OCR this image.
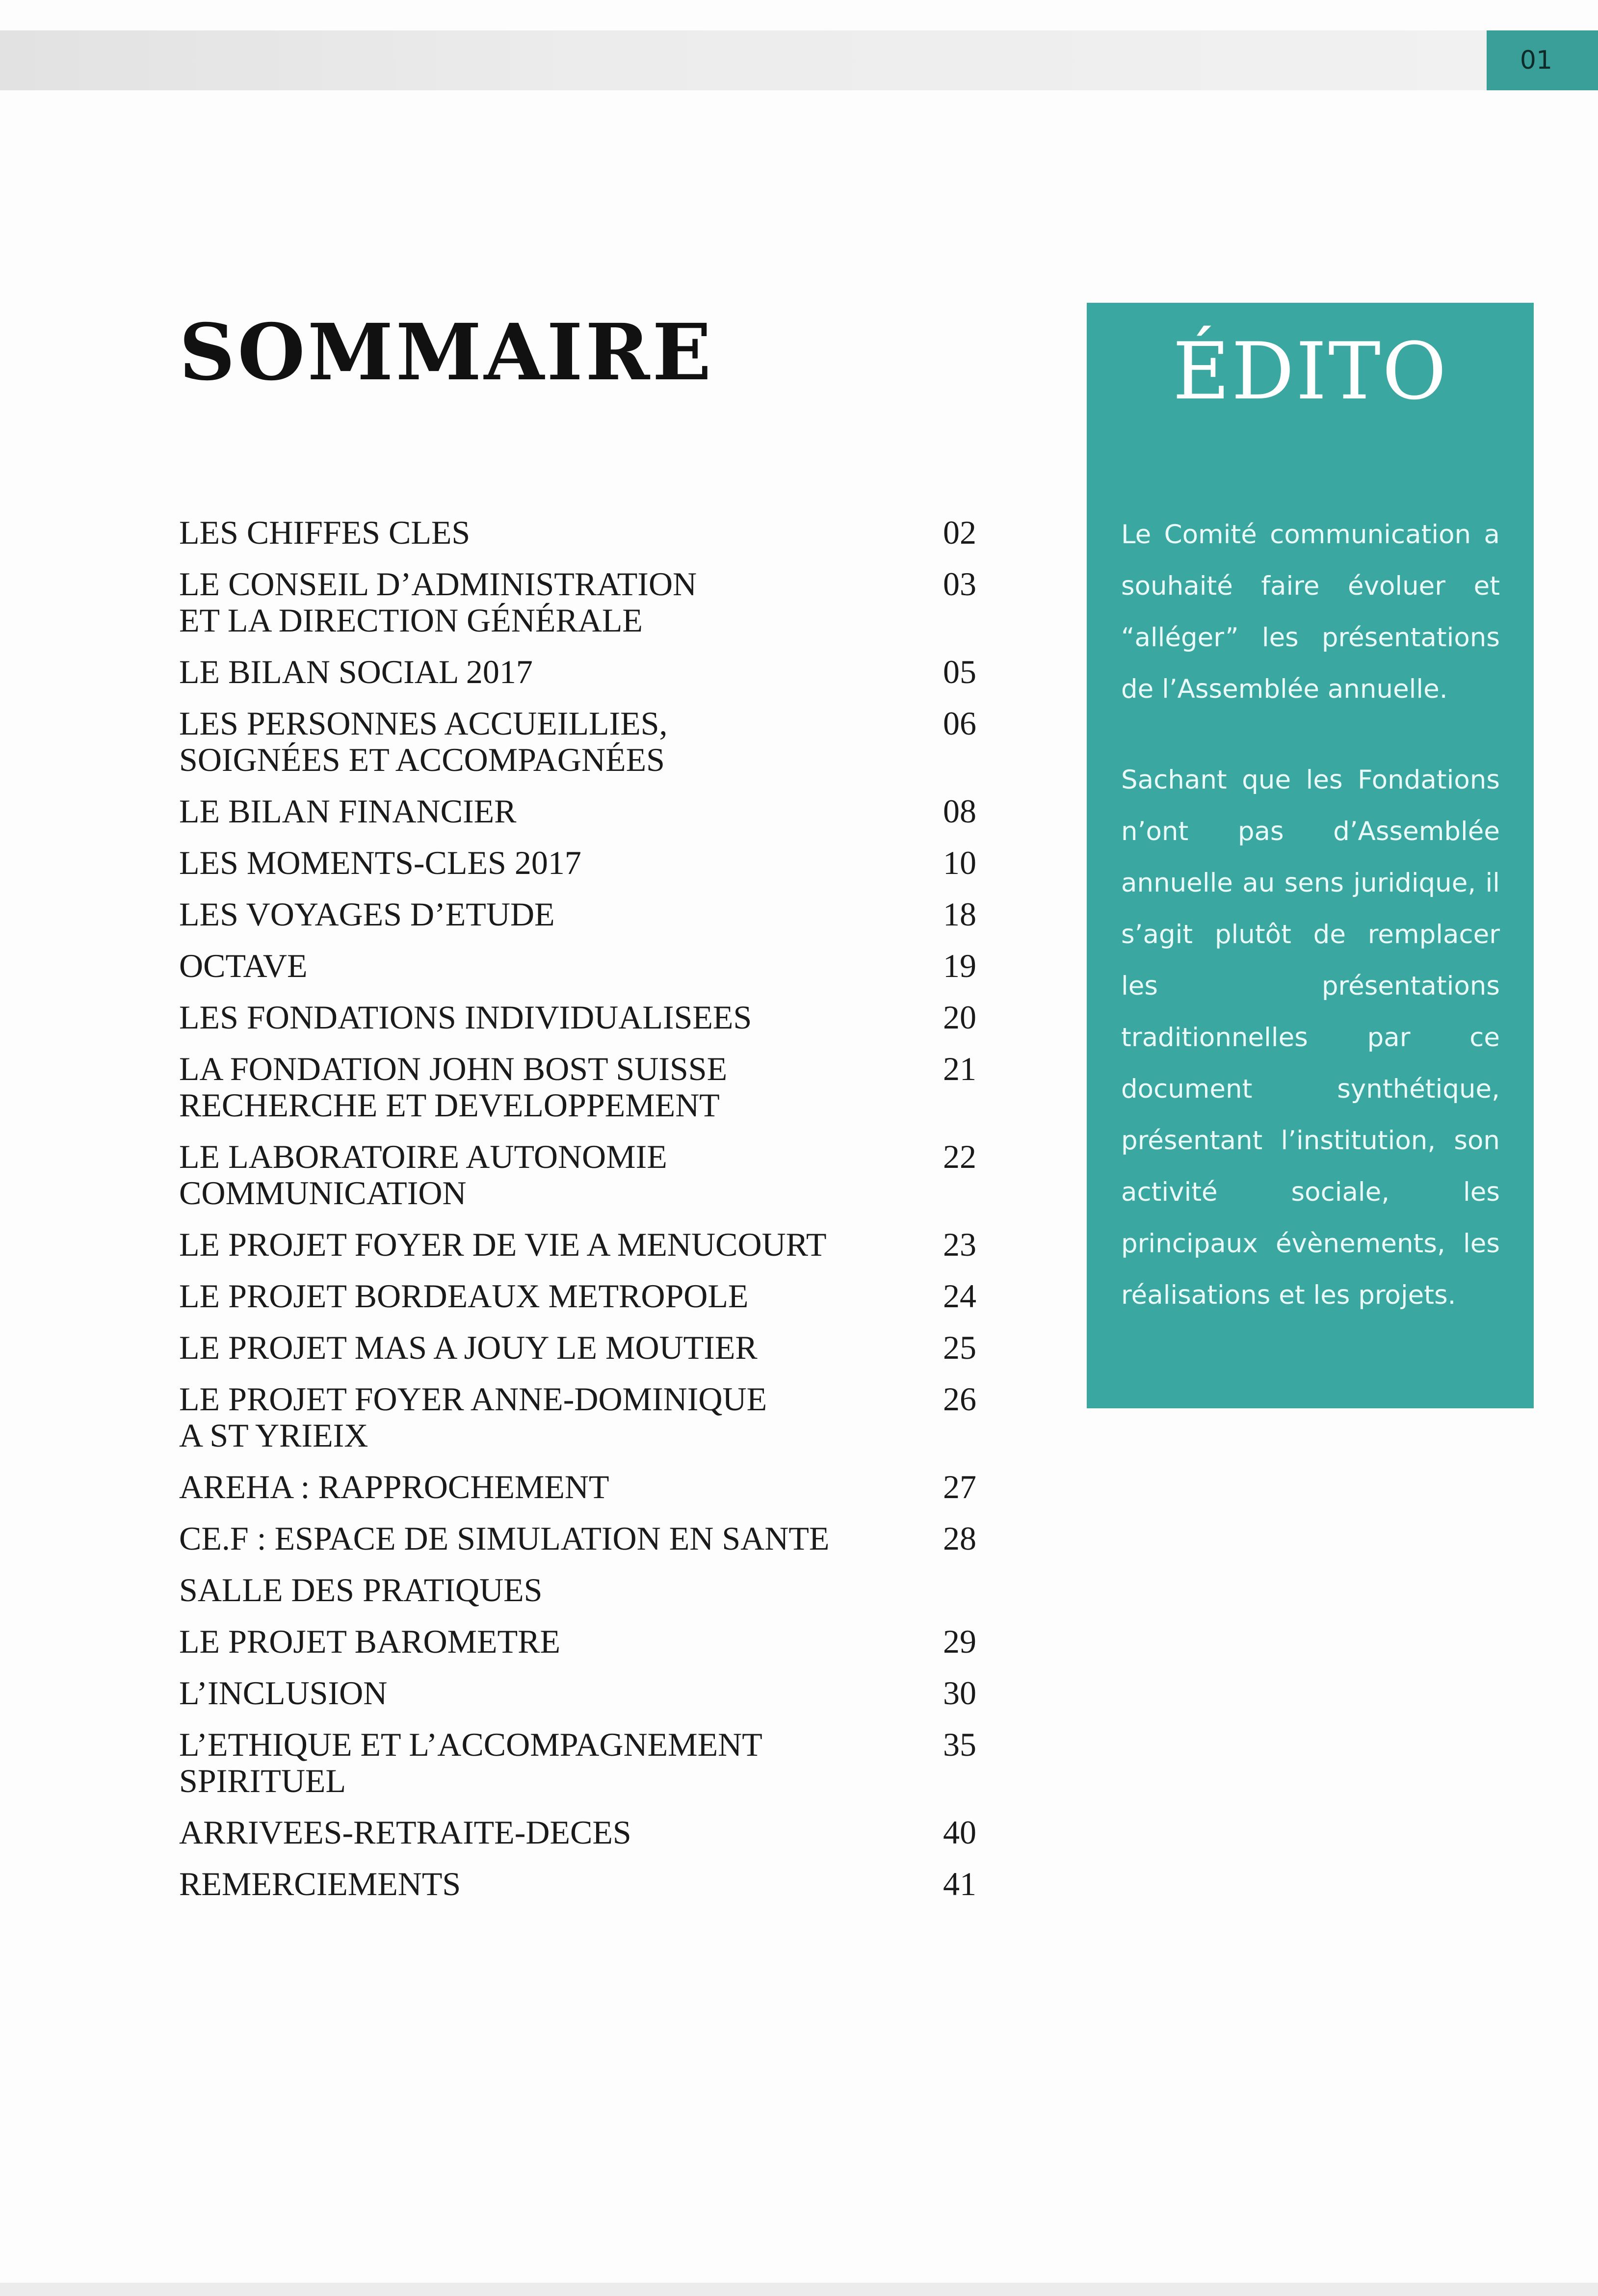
01
SOMMAIRE
LES CHIFFES CLES	02
LE CONSEIL D’ADMINISTRATION
ET LA DIRECTION GÉNÉRALE
03
LE BILAN SOCIAL 2017	05
LES PERSONNES ACCUEILLIES,
SOIGNÉES ET ACCOMPAGNÉES
06
LE BILAN FINANCIER	08
LES MOMENTS-CLES 2017	10
LES VOYAGES D’ETUDE	18
OCTAVE	19
LES FONDATIONS INDIVIDUALISEES	20
LA FONDATION JOHN BOST SUISSE
RECHERCHE ET DEVELOPPEMENT
21
LE LABORATOIRE AUTONOMIE
COMMUNICATION
22
LE PROJET FOYER DE VIE A MENUCOURT	23
LE PROJET BORDEAUX METROPOLE	24
LE PROJET MAS A JOUY LE MOUTIER	25
LE PROJET FOYER ANNE-DOMINIQUE
A ST YRIEIX
26
AREHA : RAPPROCHEMENT	27
CE.F : ESPACE DE SIMULATION EN SANTE	28
SALLE DES PRATIQUES
LE PROJET BAROMETRE	29
L’INCLUSION	30
L’ETHIQUE ET L’ACCOMPAGNEMENT
SPIRITUEL
35
ARRIVEES-RETRAITE-DECES	40
REMERCIEMENTS	41
ÉDITO

Le Comité communication a souhaité faire évoluer et “alléger” les présentations de l’Assemblée annuelle.

Sachant que les Fondations n’ont pas d’Assemblée annuelle au sens juridique, il s’agit plutôt de remplacer les présentations traditionnelles par ce document synthétique, présentant l’institution, son activité sociale, les principaux évènements, les réalisations et les projets.
